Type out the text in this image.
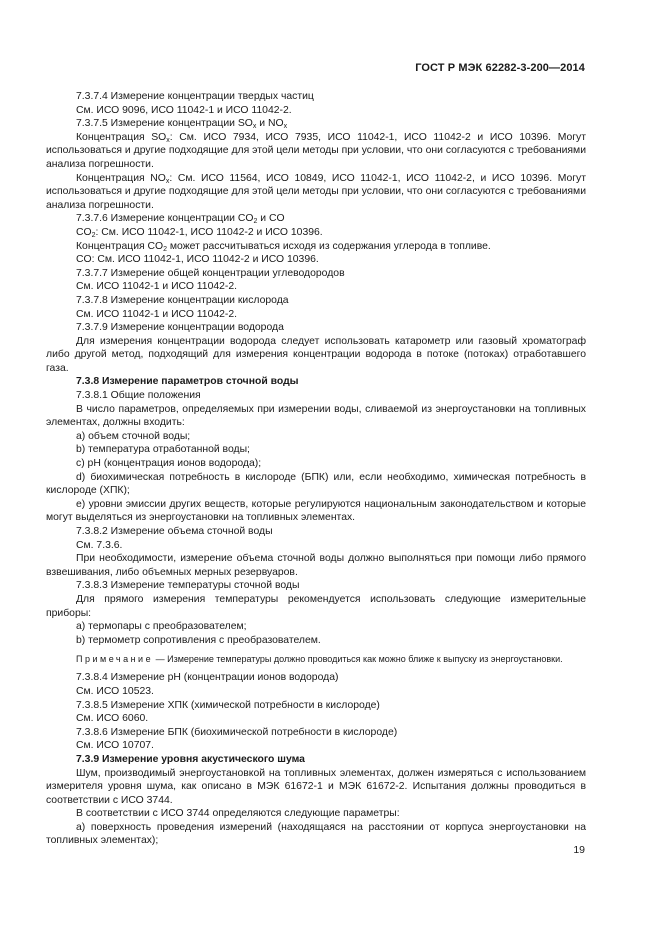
ГОСТ Р МЭК 62282-3-200—2014

7.3.7.4 Измерение концентрации твердых частиц

См. ИСО 9096, ИСО 11042-1 и ИСО 11042-2.

7.3.7.5 Измерение концентрации $SO_x$ и $NO_x$

Концентрация $SO_x$: См. ИСО 7934, ИСО 7935, ИСО 11042-1, ИСО 11042-2 и ИСО 10396. Могут использоваться и другие подходящие для этой цели методы при условии, что они согласуются с требованиями анализа погрешности.

Концентрация $NO_x$: См. ИСО 11564, ИСО 10849, ИСО 11042-1, ИСО 11042-2, и ИСО 10396. Могут использоваться и другие подходящие для этой цели методы при условии, что они согласуются с требованиями анализа погрешности.

7.3.7.6 Измерение концентрации $CO_2$ и CO

$CO_2$: См. ИСО 11042-1, ИСО 11042-2 и ИСО 10396.

Концентрация $CO_2$ может рассчитываться исходя из содержания углерода в топливе.

CO: См. ИСО 11042-1, ИСО 11042-2 и ИСО 10396.

7.3.7.7 Измерение общей концентрации углеводородов

См. ИСО 11042-1 и ИСО 11042-2.

7.3.7.8 Измерение концентрации кислорода

См. ИСО 11042-1 и ИСО 11042-2.

7.3.7.9 Измерение концентрации водорода

Для измерения концентрации водорода следует использовать катарометр или газовый хроматограф либо другой метод, подходящий для измерения концентрации водорода в потоке (потоках) отработавшего газа.

7.3.8 Измерение параметров сточной воды

7.3.8.1 Общие положения

В число параметров, определяемых при измерении воды, сливаемой из энергоустановки на топливных элементах, должны входить:

a) объем сточной воды;

b) температура отработанной воды;

c) pH (концентрация ионов водорода);

d) биохимическая потребность в кислороде (БПК) или, если необходимо, химическая потребность в кислороде (ХПК);

e) уровни эмиссии других веществ, которые регулируются национальным законодательством и которые могут выделяться из энергоустановки на топливных элементах.

7.3.8.2 Измерение объема сточной воды

См. 7.3.6.

При необходимости, измерение объема сточной воды должно выполняться при помощи либо прямого взвешивания, либо объемных мерных резервуаров.

7.3.8.3 Измерение температуры сточной воды

Для прямого измерения температуры рекомендуется использовать следующие измерительные приборы:

a) термопары с преобразователем;

b) термометр сопротивления с преобразователем.

Примечание — Измерение температуры должно проводиться как можно ближе к выпуску из энергоустановки.

7.3.8.4 Измерение pH (концентрации ионов водорода)

См. ИСО 10523.

7.3.8.5 Измерение ХПК (химической потребности в кислороде)

См. ИСО 6060.

7.3.8.6 Измерение БПК (биохимической потребности в кислороде)

См. ИСО 10707.

7.3.9 Измерение уровня акустического шума

Шум, производимый энергоустановкой на топливных элементах, должен измеряться с использованием измерителя уровня шума, как описано в МЭК 61672-1 и МЭК 61672-2. Испытания должны проводиться в соответствии с ИСО 3744.

В соответствии с ИСО 3744 определяются следующие параметры:

a) поверхность проведения измерений (находящаяся на расстоянии от корпуса энергоустановки на топливных элементах);

19
